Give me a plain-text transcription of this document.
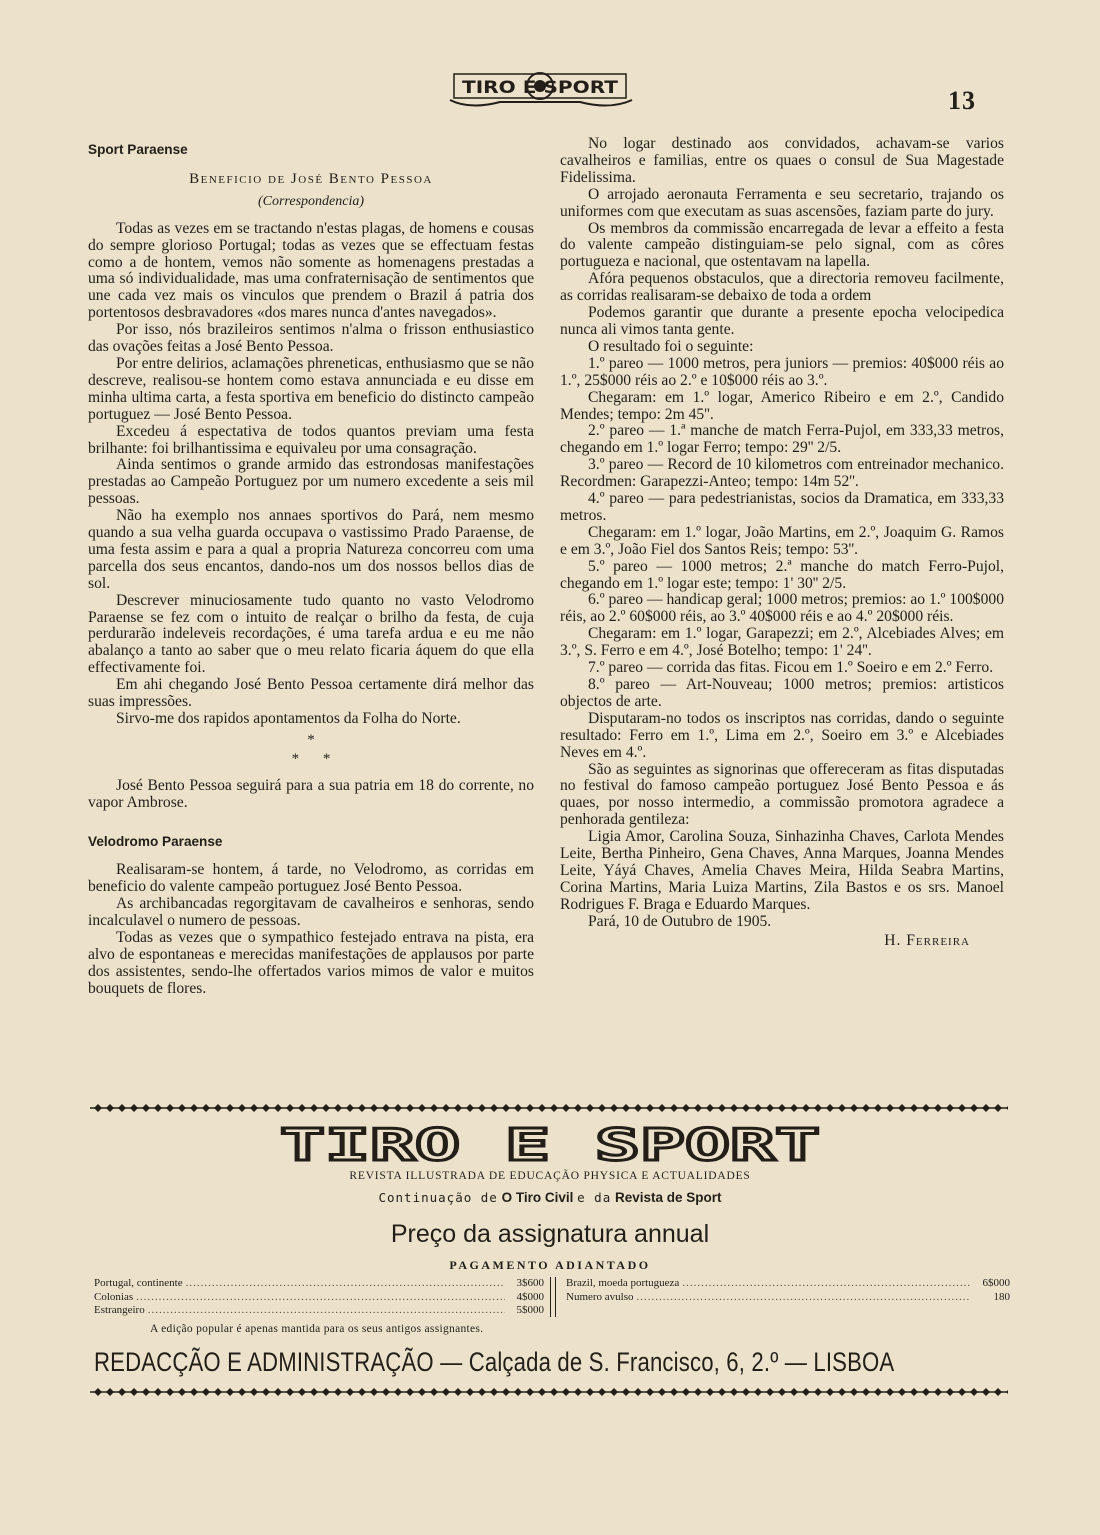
TIRO E SPORT	13
Sport Paraense
Beneficio de José Bento Pessoa
(Correspondencia)

Todas as vezes em se tractando n'estas plagas, de homens e cousas do sempre glorioso Portugal; todas as vezes que se effectuam festas como a de hontem, vemos não somente as homenagens prestadas a uma só individualidade, mas uma confraternisação de sentimentos que une cada vez mais os vinculos que prendem o Brazil á patria dos portentosos desbravadores «dos mares nunca d'antes navegados».

Por isso, nós brazileiros sentimos n'alma o frisson enthusiastico das ovações feitas a José Bento Pessoa.

Por entre delirios, aclamações phreneticas, enthusiasmo que se não descreve, realisou-se hontem como estava annunciada e eu disse em minha ultima carta, a festa sportiva em beneficio do distincto campeão portuguez — José Bento Pessoa.

Excedeu á espectativa de todos quantos previam uma festa brilhante: foi brilhantissima e equivaleu por uma consagração.

Ainda sentimos o grande armido das estrondosas manifestações prestadas ao Campeão Portuguez por um numero excedente a seis mil pessoas.

Não ha exemplo nos annaes sportivos do Pará, nem mesmo quando a sua velha guarda occupava o vastissimo Prado Paraense, de uma festa assim e para a qual a propria Natureza concorreu com uma parcella dos seus encantos, dando-nos um dos nossos bellos dias de sol.

Descrever minuciosamente tudo quanto no vasto Velodromo Paraense se fez com o intuito de realçar o brilho da festa, de cuja perdurarão indeleveis recordações, é uma tarefa ardua e eu me não abalanço a tanto ao saber que o meu relato ficaria áquem do que ella effectivamente foi.

Em ahi chegando José Bento Pessoa certamente dirá melhor das suas impressões.

Sirvo-me dos rapidos apontamentos da Folha do Norte.

*
* *

José Bento Pessoa seguirá para a sua patria em 18 do corrente, no vapor Ambrose.

Velodromo Paraense

Realisaram-se hontem, á tarde, no Velodromo, as corridas em beneficio do valente campeão portuguez José Bento Pessoa.

As archibancadas regorgitavam de cavalheiros e senhoras, sendo incalculavel o numero de pessoas.

Todas as vezes que o sympathico festejado entrava na pista, era alvo de espontaneas e merecidas manifestações de applausos por parte dos assistentes, sendo-lhe offertados varios mimos de valor e muitos bouquets de flores.

No logar destinado aos convidados, achavam-se varios cavalheiros e familias, entre os quaes o consul de Sua Magestade Fidelissima.

O arrojado aeronauta Ferramenta e seu secretario, trajando os uniformes com que executam as suas ascensões, faziam parte do jury.

Os membros da commissão encarregada de levar a effeito a festa do valente campeão distinguiam-se pelo signal, com as côres portugueza e nacional, que ostentavam na lapella.

Afóra pequenos obstaculos, que a directoria removeu facilmente, as corridas realisaram-se debaixo de toda a ordem

Podemos garantir que durante a presente epocha velocipedica nunca ali vimos tanta gente.

O resultado foi o seguinte:

1.º pareo — 1000 metros, pera juniors — premios: 40$000 réis ao 1.º, 25$000 réis ao 2.º e 10$000 réis ao 3.º.

Chegaram: em 1.º logar, Americo Ribeiro e em 2.º, Candido Mendes; tempo: 2m 45''.

2.º pareo — 1.ª manche de match Ferra-Pujol, em 333,33 metros, chegando em 1.º logar Ferro; tempo: 29'' 2/5.

3.º pareo — Record de 10 kilometros com entreinador mechanico. Recordmen: Garapezzi-Anteo; tempo: 14m 52''.

4.º pareo — para pedestrianistas, socios da Dramatica, em 333,33 metros.

Chegaram: em 1.º logar, João Martins, em 2.º, Joaquim G. Ramos e em 3.º, João Fiel dos Santos Reis; tempo: 53''.

5.º pareo — 1000 metros; 2.ª manche do match Ferro-Pujol, chegando em 1.º logar este; tempo: 1' 30'' 2/5.

6.º pareo — handicap geral; 1000 metros; premios: ao 1.º 100$000 réis, ao 2.º 60$000 réis, ao 3.º 40$000 réis e ao 4.º 20$000 réis.

Chegaram: em 1.º logar, Garapezzi; em 2.º, Alcebiades Alves; em 3.º, S. Ferro e em 4.º, José Botelho; tempo: 1' 24''.

7.º pareo — corrida das fitas. Ficou em 1.º Soeiro e em 2.º Ferro.

8.º pareo — Art-Nouveau; 1000 metros; premios: artisticos objectos de arte.

Disputaram-no todos os inscriptos nas corridas, dando o seguinte resultado: Ferro em 1.º, Lima em 2.º, Soeiro em 3.º e Alcebiades Neves em 4.º.

São as seguintes as signorinas que offereceram as fitas disputadas no festival do famoso campeão portuguez José Bento Pessoa e ás quaes, por nosso intermedio, a commissão promotora agradece a penhorada gentileza:

Ligia Amor, Carolina Souza, Sinhazinha Chaves, Carlota Mendes Leite, Bertha Pinheiro, Gena Chaves, Anna Marques, Joanna Mendes Leite, Yáyá Chaves, Amelia Chaves Meira, Hilda Seabra Martins, Corina Martins, Maria Luiza Martins, Zila Bastos e os srs. Manoel Rodrigues F. Braga e Eduardo Marques.

Pará, 10 de Outubro de 1905.

H. Ferreira
TIRO E SPORT
REVISTA ILLUSTRADA DE EDUCAÇÃO PHYSICA E ACTUALIDADES
Continuação de O Tiro Civil e da Revista de Sport
Preço da assignatura annual
PAGAMENTO ADIANTADO
Portugal, continente .....	3$600
Colonias .....	4$000
Estrangeiro .....	5$000
Brazil, moeda portugueza .....	6$000
Numero avulso .....	180
A edição popular é apenas mantida para os seus antigos assignantes.
REDACÇÃO E ADMINISTRAÇÃO — Calçada de S. Francisco, 6, 2.º — LISBOA
